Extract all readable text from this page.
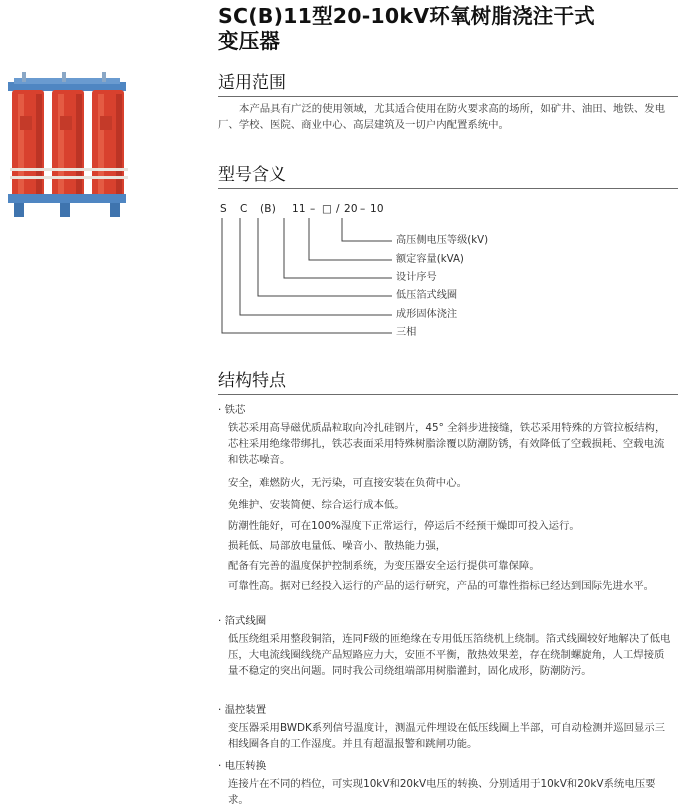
SC(B)11型20-10kV环氧树脂浇注干式
变压器
适用范围

本产品具有广泛的使用领域，尤其适合使用在防火要求高的场所，如矿井、油田、地铁、发电厂、学校、医院、商业中心、高层建筑及一切户内配置系统中。

型号含义
S C (B) 11 – □ / 20 – 10
高压侧电压等级(kV)
额定容量(kVA)
设计序号
低压箔式线圈
成形固体浇注
三相
结构特点
· 铁芯

铁芯采用高导磁优质晶粒取向冷扎硅钢片，45° 全斜步进接缝，铁芯采用特殊的方管拉板结构，芯柱采用绝缘带绑扎，铁芯表面采用特殊树脂涂覆以防潮防锈，有效降低了空载损耗、空载电流和铁芯噪音。

安全，难燃防火，无污染，可直接安装在负荷中心。

免维护、安装简便、综合运行成本低。

防潮性能好，可在100%湿度下正常运行，停运后不经预干燥即可投入运行。

损耗低、局部放电量低、噪音小、散热能力强，

配备有完善的温度保护控制系统，为变压器安全运行提供可靠保障。

可靠性高。据对已经投入运行的产品的运行研究，产品的可靠性指标已经达到国际先进水平。

· 箔式线圈

低压绕组采用整段铜箔，连同F级的匝绝缘在专用低压箔绕机上绕制。箔式线圈较好地解决了低电压，大电流线圈线绕产品短路应力大，安匝不平衡，散热效果差，存在绕制螺旋角，人工焊接质量不稳定的突出问题。同时我公司绕组端部用树脂灌封，固化成形，防潮防污。

· 温控装置

变压器采用BWDK系列信号温度计，测温元件埋设在低压线圈上半部，可自动检测并巡回显示三相线圈各自的工作湿度。并且有超温报警和跳闸功能。

· 电压转换

连接片在不同的档位，可实现10kV和20kV电压的转换、分别适用于10kV和20kV系统电压要求。
